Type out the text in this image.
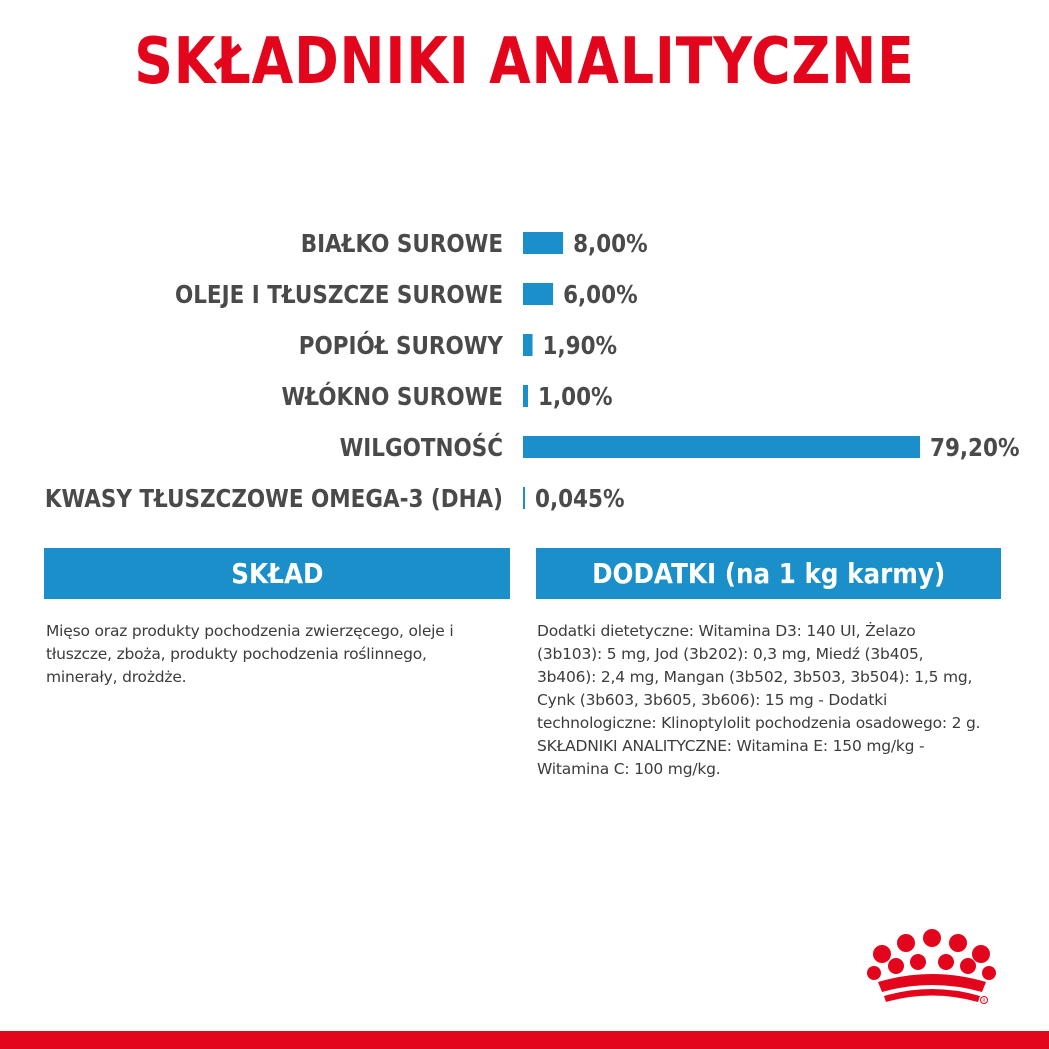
SKŁADNIKI ANALITYCZNE
BIAŁKO SUROWE	8,00%
OLEJE I TŁUSZCZE SUROWE 6,00%
POPIÓŁ SUROWY 1,90%
WŁÓKNO SUROWE 1,00%
WILGOTNOŚĆ	79,20%
KWASY TŁUSZCZOWE OMEGA-3 (DHA) 0,045%
SKŁAD
Mięso oraz produkty pochodzenia zwierzęcego, oleje i tłuszcze, zboża, produkty pochodzenia roślinnego, minerały, drożdże.
DODATKI (na 1 kg karmy)
Dodatki dietetyczne: Witamina D3: 140 UI, Żelazo (3b103): 5 mg, Jod (3b202): 0,3 mg, Miedź (3b405, 3b406): 2,4 mg, Mangan (3b502, 3b503, 3b504): 1,5 mg, Cynk (3b603, 3b605, 3b606): 15 mg - Dodatki technologiczne: Klinoptylolit pochodzenia osadowego: 2 g.
SKŁADNIKI ANALITYCZNE: Witamina E: 150 mg/kg - Witamina C: 100 mg/kg.
R
